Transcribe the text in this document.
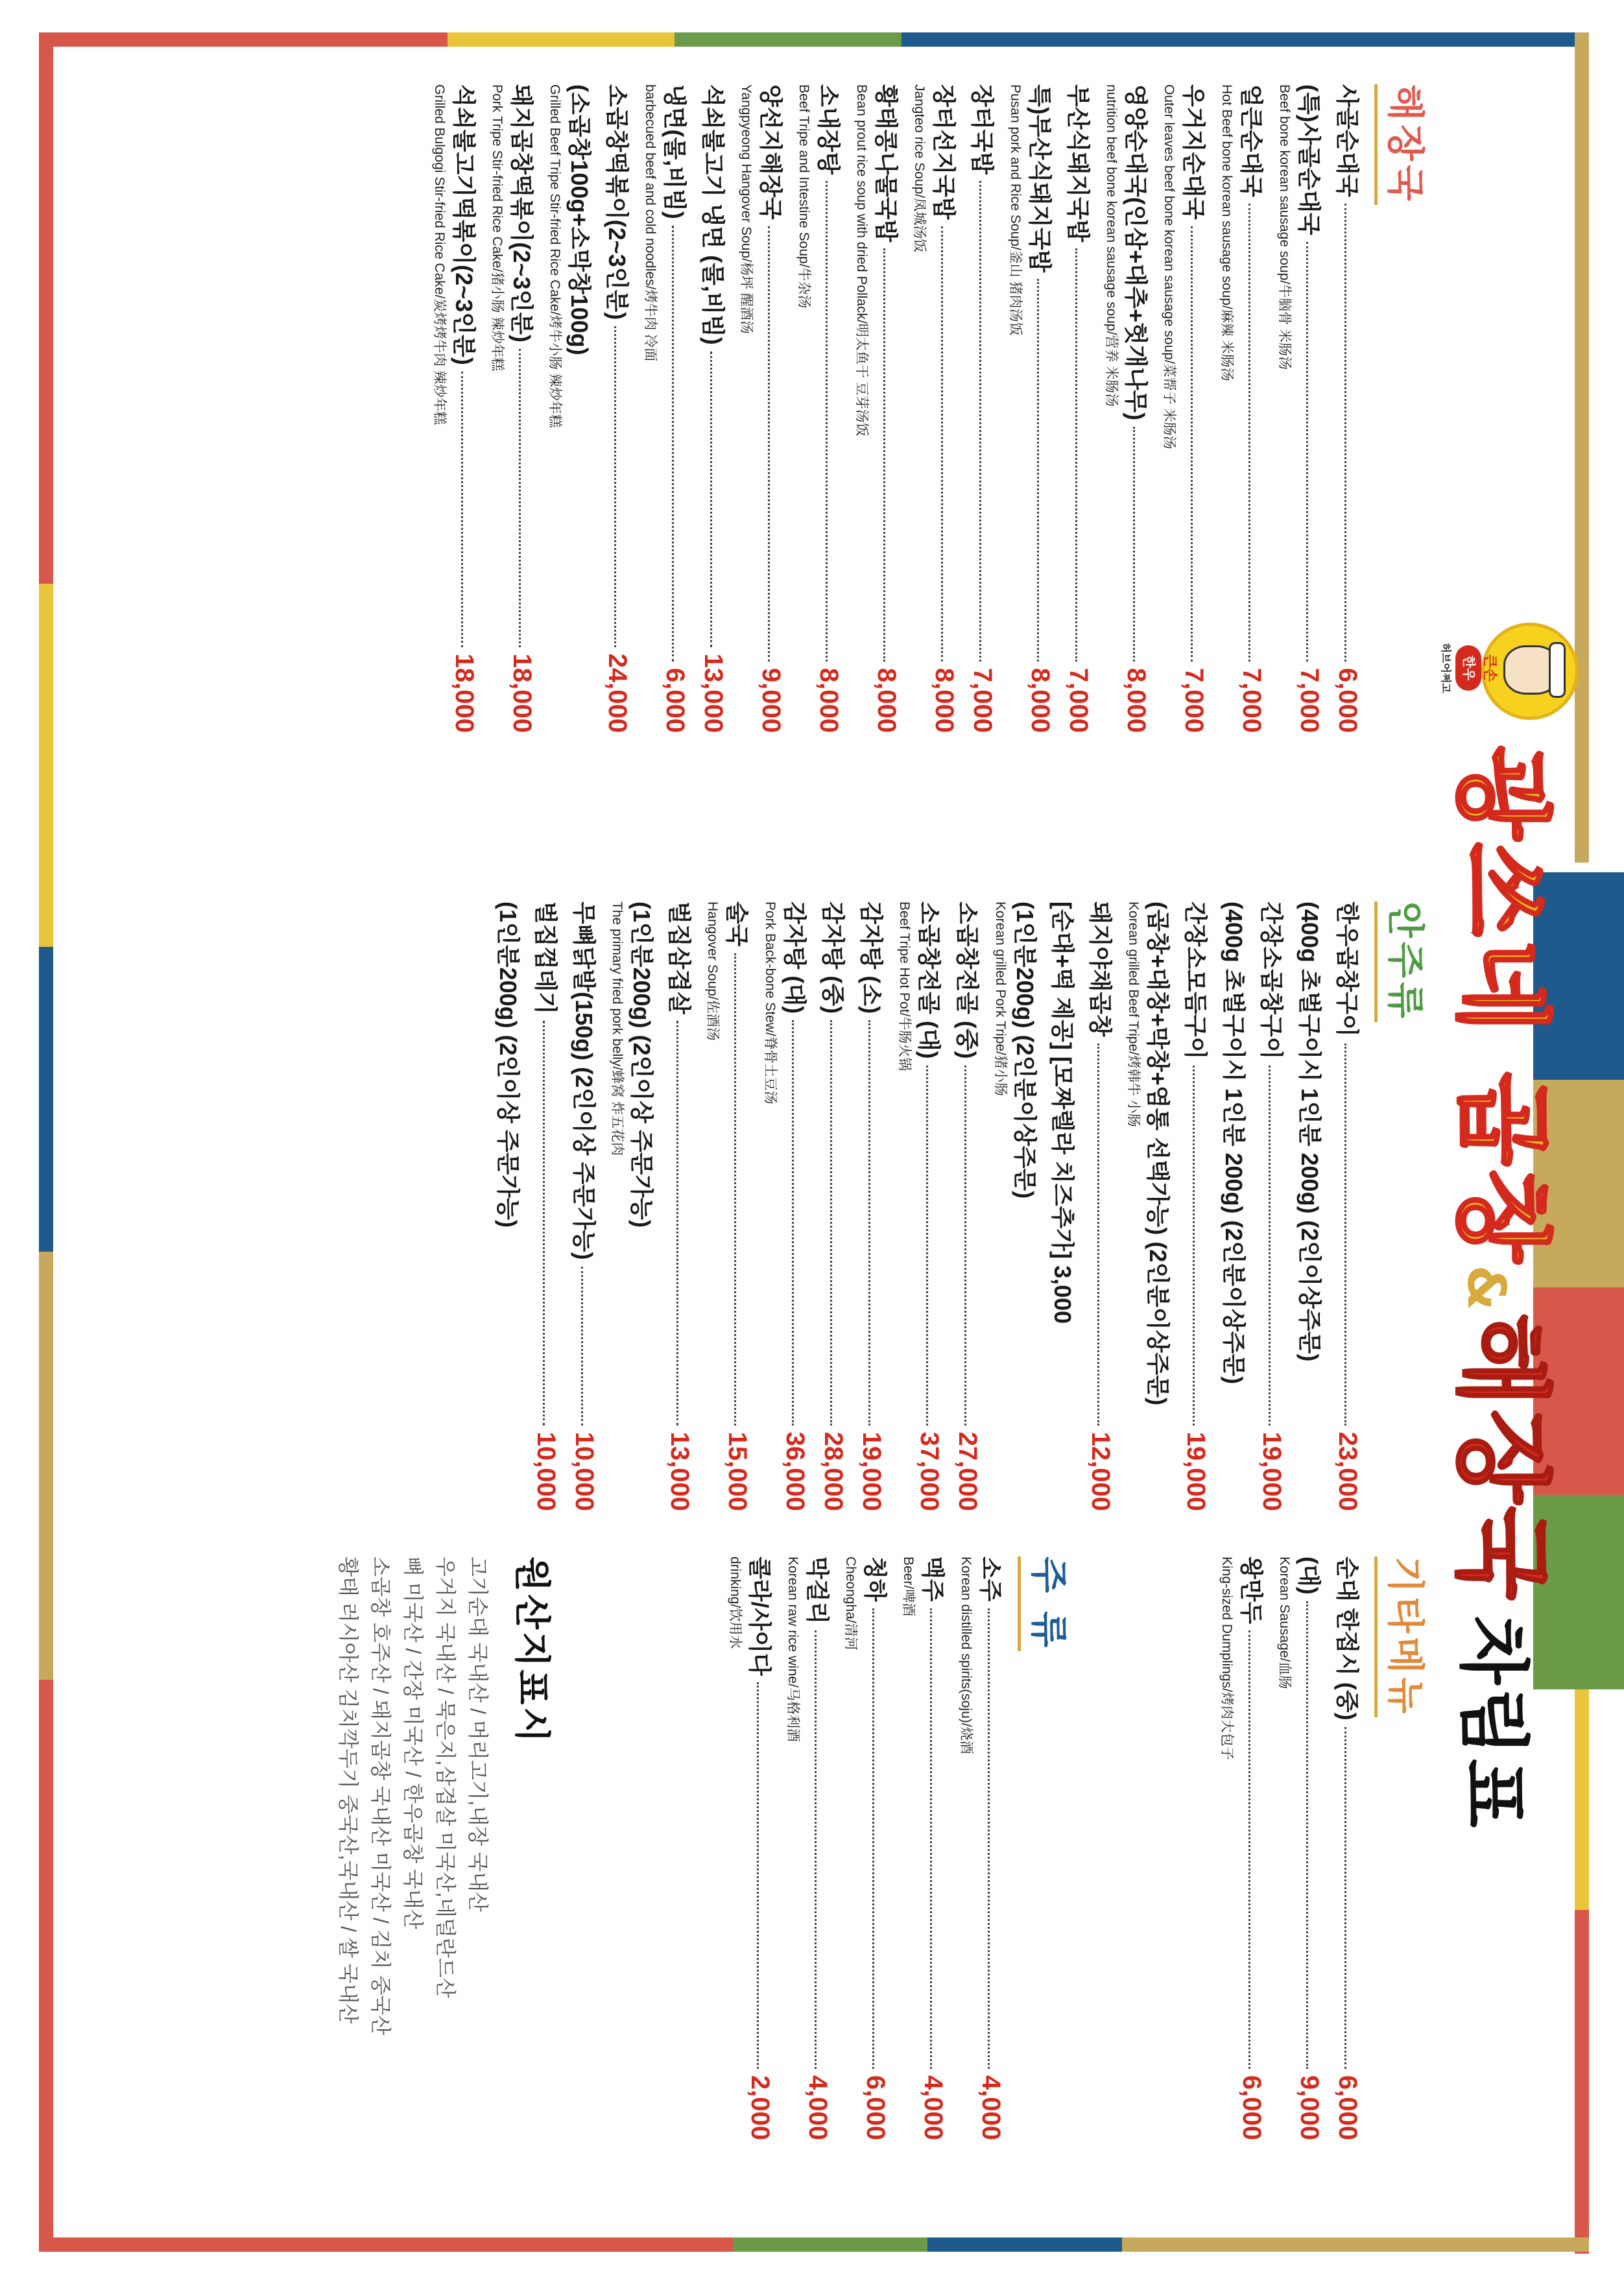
큰손
한우
허브어쩌고
광쓰네 곱창&해장국차림표
해장국
사골순대국
6,000
(특)사골순대국
7,000
Beef bone korean sausage soup/牛脑骨 米肠汤
얼큰순대국
7,000
Hot Beef bone korean sausage soup/麻辣 米肠汤
우거지순대국
7,000
Outer leaves beef bone korean sausage soup/菜帮子 米肠汤
영양순대국(인삼+대추+헛개나무)
8,000
nutrition beef bone korean sausage soup/营养 米肠汤
부산식돼지국밥
7,000
특)부산식돼지국밥
8,000
Pusan pork and Rice Soup/釜山 猪肉汤饭
장터국밥
7,000
장터선지국밥
8,000
Jangteo rice Soup/凤城汤饭
황태콩나물국밥
8,000
Bean prout rice soup with dried Pollack/明太鱼干 豆芽汤饭
소내장탕
8,000
Beef Tripe and Intestine Soup/牛杂汤
양선지해장국
9,000
Yangpyeong Hangover Soup/杨坪 醒酒汤
석쇠불고기 냉면 (물,비빔)
13,000
냉면(물,비빔)
6,000
barbecued beef and cold noodles/烤牛肉 冷面
소곱창떡볶이(2~3인분)
24,000
(소곱창100g+소막창100g)
Grilled Beef Tripe Stir-fried Rice Cake/烤牛小肠 辣炒年糕
돼지곱창떡볶이(2~3인분)
18,000
Pork Tripe Stir-fried Rice Cake/猪小肠 辣炒年糕
석쇠불고기떡볶이(2~3인분)
18,000
Grilled Bulgogi Stir-fried Rice Cake/炭烤烤牛肉 辣炒年糕
안주류
한우곱창구이
23,000
(400g 초벌구이시 1인분 200g) (2인이상주문)
간장소곱창구이
19,000
(400g 초벌구이시 1인분 200g) (2인분이상주문)
간장소모듬구이
19,000
(곱창+대창+막창+염통 선택가능) (2인분이상주문)
Korean grilled Beef Tripe/烤韩牛 小肠
돼지야채곱창
12,000
[순대+떡 제공] [모짜렐라 치즈추가] 3,000
(1인분200g) (2인분이상주문)
Korean grilled Pork Tripe/猪小肠
소곱창전골 (중)
27,000
소곱창전골 (대)
37,000
Beef Tripe Hot Pot/牛肠火锅
감자탕 (소)
19,000
감자탕 (중)
28,000
감자탕 (대)
36,000
Pork Back-bone Stew/脊骨土豆汤
술국
15,000
Hangover Soup/佐酒汤
벌집삼겹살
13,000
(1인분200g) (2인이상 주문가능)
The primary fried pork belly/蜂窝 炸五花肉
무뼈닭발(150g) (2인이상 주문가능)
10,000
벌집껍데기
10,000
(1인분200g) (2인이상 주문가능)
기타메뉴
순대 한접시 (중)
6,000
(대)
9,000
Korean Sausage/血肠
왕만두
6,000
King-sized Dumplings/烤肉大包子
주 류
소주
4,000
Korean distilled spirits(soju)/烧酒
맥주
4,000
Beer/啤酒
청하
6,000
Cheongha/清河
막걸리
4,000
Korean raw rice wine/马格利酒
콜라/사이다
2,000
drinking/饮用水
원산지표시
고기순대 국내산 / 머리고기,내장 국내산
우거지 국내산 / 묵은지,삼겹살 미국산,네덜란드산
뼈 미국산 / 간장 미국산 / 한우곱창 국내산
소곱창 호주산 / 돼지곱창 국내산 미국산 / 김치 중국산
황태 러시아산 김치깍두기 중국산,국내산 / 쌀 국내산
